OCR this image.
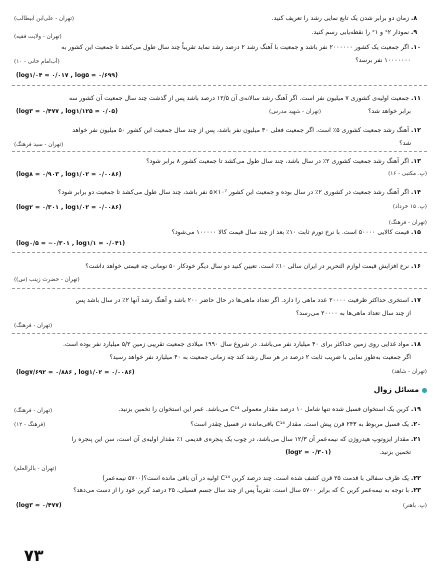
۸. زمان دو برابر شدن یک تابع نمایی رشد را تعریف کنید.
(تهران - علی‌ابن ابیطالب)
۹. نمودار ˣ۲ و ˣ۱ را نقطه‌یابی رسم کنید.
(تهران - ولایت فقیه)
۱۰. اگر جمعیت یک کشور ۲۰۰۰۰۰۰ نفر باشد و جمعیت با آهنگ رشد ۲ درصد رشد نماید تقریباً چند سال طول می‌کشد تا جمعیت این کشور به
۱۰۰۰۰۰۰۰ نفر برسد؟
(آب‌امام خانی - ۱۰)
(log۱/۰۴ = ۰/۰۱۷ , log۵ = ۰/۶۹۹)
۱۱. جمعیت اولیه‌ی کشوری ۷ میلیون نفر است. اگر آهنگ رشد سالانه‌ی آن ۱۲/۵ درصد باشد پس از گذشت چند سال جمعیت آن کشور سه
برابر خواهد شد؟
(تهران - شهید مدرس)
(log۳ = ۰/۴۷۷ , log۱/۱۲۵ = ۰/۰۵)
۱۲. آهنگ رشد جمعیت کشوری ۵٪ است. اگر جمعیت فعلی ۳۰ میلیون نفر باشد، پس از چند سال جمعیت این کشور ۵۰ میلیون نفر خواهد
شد؟
(تهران - سید فرهنگ)
۱۳. اگر آهنگ رشد جمعیت کشوری ۲٪ در سال باشد، چند سال طول می‌کشد تا جمعیت کشور ۸ برابر شود؟
(پ. مکتبی - ۱۶)
(log۸ = ۰/۹۰۳ , log۱/۰۲ = ۰/۰۰۸۶)
۱۴. اگر آهنگ رشد جمعیت در کشوری ۲٪ در سال بوده و جمعیت این کشور ۱۰⁷×۵ نفر باشد، چند سال طول می‌کشد تا جمعیت دو برابر شود؟
(پ. ۱۵ خرداد)
(log۲ = ۰/۳۰۱ , log۱/۰۲ = ۰/۰۰۸۶)
(تهران - فرهنگ)
۱۵. قیمت کالایی ۵۰۰۰۰ است. با نرخ تورم ثابت ۱۰٪ بعد از چند سال قیمت کالا ۱۰۰۰۰۰ می‌شود؟
(log۰/۵ = −۰/۳۰۱ , log۱/۱ = ۰/۰۴۱)
۱۶. نرخ افزایش قیمت لوازم التحریر در ایران سالی ۱۰٪ است. تعیین کنید دو سال دیگر خودکار ۵۰ تومانی چه قیمتی خواهد داشت؟
(تهران - حضرت زینب (س))
۱۷. استخری حداکثر ظرفیت ۲۰۰۰۰ عدد ماهی را دارد. اگر تعداد ماهی‌ها در حال حاضر ۲۰۰ باشد و آهنگ رشد آنها ۲٪ در سال باشد پس
از چند سال تعداد ماهی‌ها به ۲۰۰۰۰ می‌رسد؟
(تهران - فرهنگ)
۱۸. مواد غذایی روی زمین حداکثر برای ۴۰ میلیارد نفر می‌باشد. در شروع سال ۱۹۹۰ میلادی جمعیت تقریبی زمین ۵/۲ میلیارد نفر بوده است.
اگر جمعیت به‌طور نمایی با ضریب ثابت ۲ درصد در هر سال رشد کند چه زمانی جمعیت به ۴۰ میلیارد نفر خواهد رسید؟
(تهران - شاهد)
(log۷/۶۹۲ = ۰/۸۸۶ , log۱/۰۲ = ۰/۰۰۸۶)
مسائل زوال
۱۹. کربن یک استخوان فسیل شده تنها شامل ۱۰ درصد مقدار معمولی C¹⁴ می‌باشد. عمر این استخوان را تخمین بزنید.
(تهران - فرهنگ)
۲۰. یک فسیل مربوط به ۲۴۳ قرن پیش است. مقدار C¹⁴ باقی‌مانده در فسیل چقدر است؟
(فرهنگ - ۱۲)
۲۱. مقدار ایزوتوپ هیدروژن که نیمه‌عمر آن ۱۲/۳ سال می‌باشد، در چوب یک پنجره‌ی قدیمی ۱٪ مقدار اولیه‌ی آن است، سن این پنجره را
تخمین بزنید.
(log۲ = ۰/۳۰۱)
(تهران - بالرالعلم)
۲۲. یک ظرف سفالی با قدمت ۲۵ قرن کشف شده است. چند درصد کربن C¹⁴ اولیه در آن باقی مانده است؟(۵۷۰۰ نیمه‌عمر)
۲۳. با توجه به نیمه‌عمر کربن C که برابر ۵۷۰۰ سال است. تقریباً پس از چند سال جسم فسیلی، ۲۵ درصد کربن خود را از دست می‌دهد؟
(پ. باهنر)
(log۳ = ۰/۴۷۷)
۷۳
